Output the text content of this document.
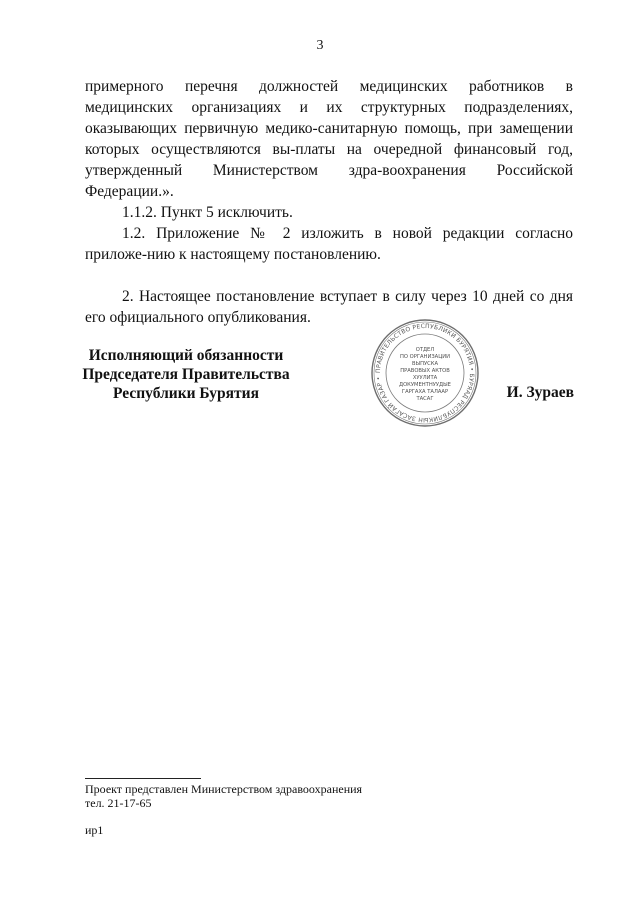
3

примерного перечня должностей медицинских работников в медицинских организациях и их структурных подразделениях, оказывающих первичную медико-санитарную помощь, при замещении которых осуществляются вы-платы на очередной финансовый год, утвержденный Министерством здра-воохранения Российской Федерации.».

1.1.2. Пункт 5 исключить.

1.2. Приложение № 2 изложить в новой редакции согласно приложе-нию к настоящему постановлению.

2. Настоящее постановление вступает в силу через 10 дней со дня его официального опубликования.

Исполняющий обязанности
Председателя Правительства
Республики Бурятия
ПРАВИТЕЛЬСТВО РЕСПУБЛИКИ БУРЯТИЯ • БУРЯАД РЕСПУБЛИКЫН ЗАСАГАЙ ГАЗАР •
ОТДЕЛ
ПО ОРГАНИЗАЦИИ
ВЫПУСКА
ПРАВОВЫХ АКТОВ
ХУУЛИТА
ДОКУМЕНТНУУДЫЕ
ГАРГАХА ТАЛААР
ТАСАГ	И. Зураев
Проект представлен Министерством здравоохранения
тел. 21-17-65
ир1
